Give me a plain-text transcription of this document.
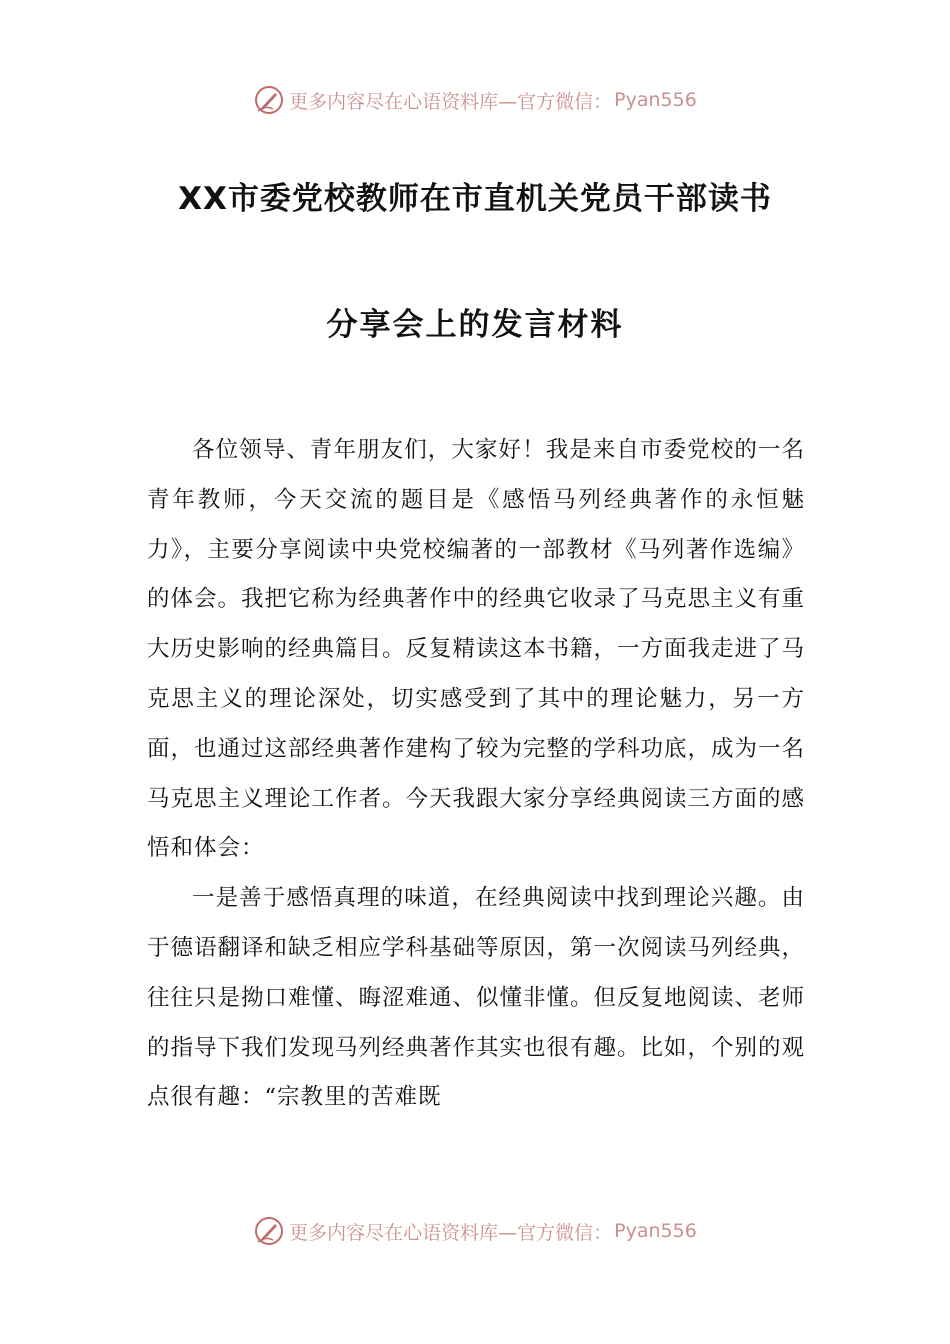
更多内容尽在心语资料库—官方微信： Pyan556
XX市委党校教师在市直机关党员干部读书
分享会上的发言材料

各位领导、青年朋友们，大家好！我是来自市委党校的一名青年教师，今天交流的题目是《感悟马列经典著作的永恒魅力》，主要分享阅读中央党校编著的一部教材《马列著作选编》的体会。我把它称为经典著作中的经典它收录了马克思主义有重大历史影响的经典篇目。反复精读这本书籍，一方面我走进了马克思主义的理论深处，切实感受到了其中的理论魅力，另一方面，也通过这部经典著作建构了较为完整的学科功底，成为一名马克思主义理论工作者。今天我跟大家分享经典阅读三方面的感悟和体会：

一是善于感悟真理的味道，在经典阅读中找到理论兴趣。由于德语翻译和缺乏相应学科基础等原因，第一次阅读马列经典，往往只是拗口难懂、晦涩难通、似懂非懂。但反复地阅读、老师的指导下我们发现马列经典著作其实也很有趣。比如，个别的观点很有趣：“宗教里的苦难既

更多内容尽在心语资料库—官方微信： Pyan556
